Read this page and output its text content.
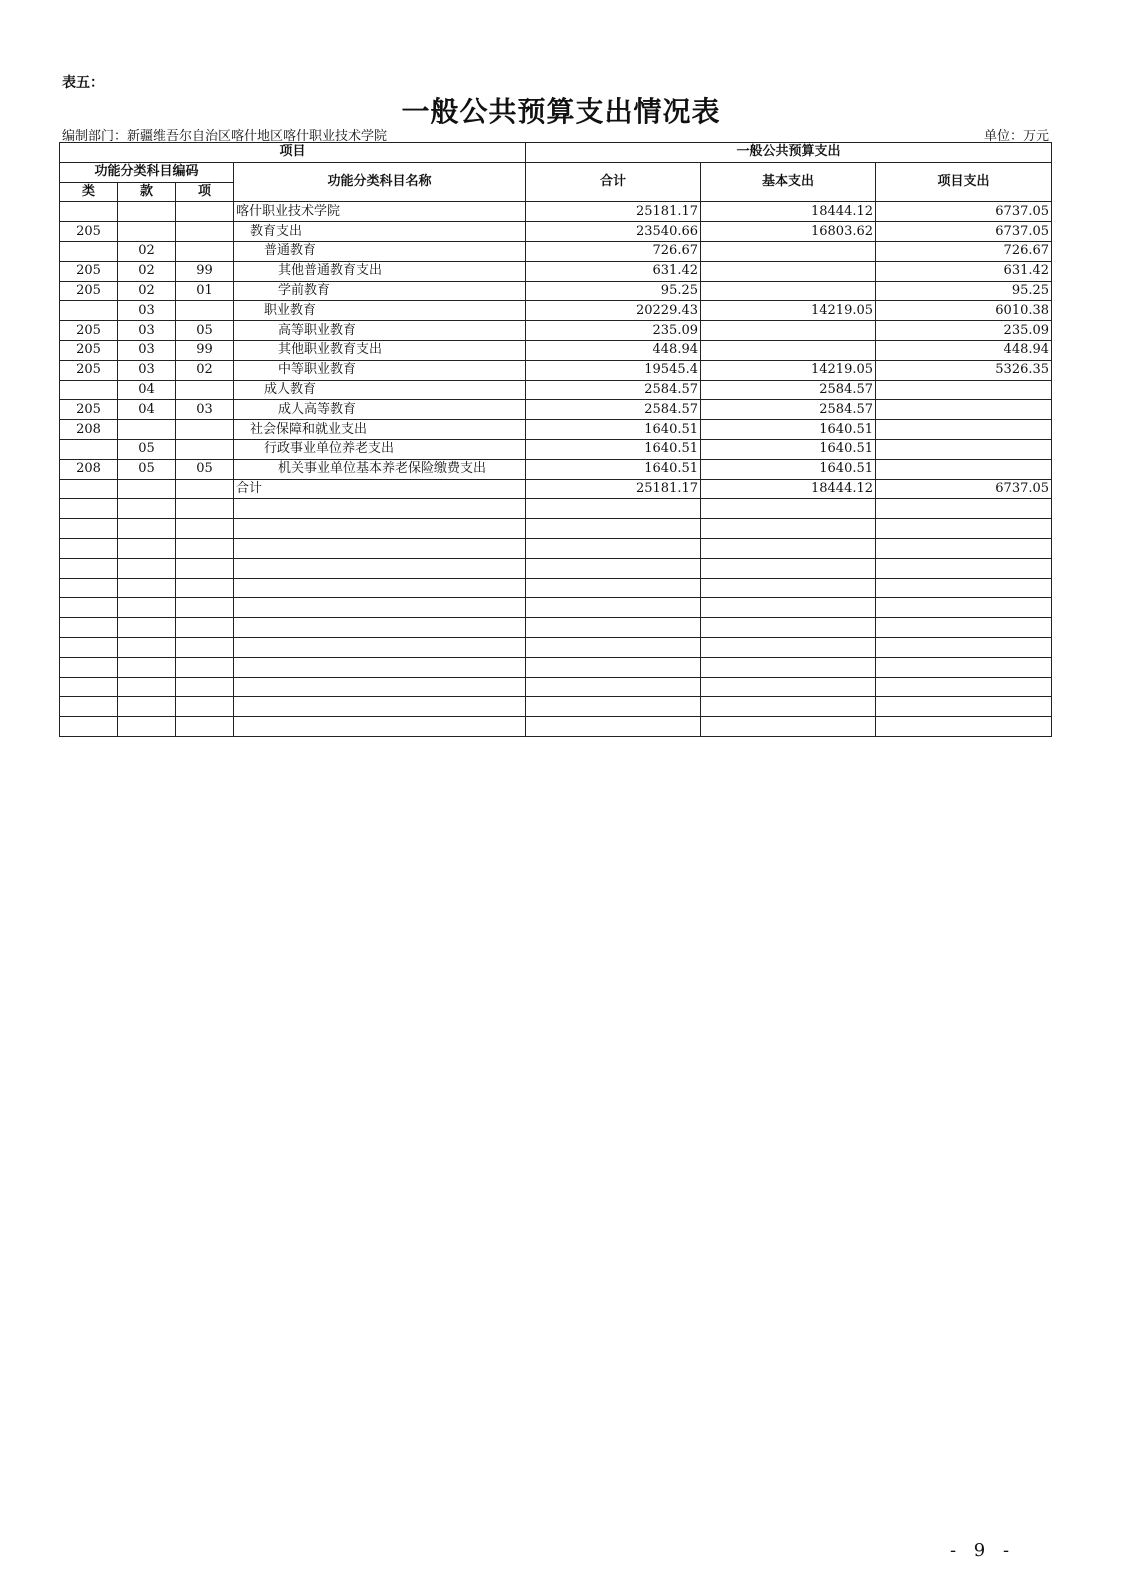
表五：
一般公共预算支出情况表
编制部门：新疆维吾尔自治区喀什地区喀什职业技术学院	单位：万元
项目				一般公共预算支出		
功能分类科目编码			功能分类科目名称	合计	基本支出	项目支出
类	款	项				
			喀什职业技术学院	25181.17	18444.12	6737.05
205			教育支出	23540.66	16803.62	6737.05
	02		普通教育	726.67		726.67
205	02	99	其他普通教育支出	631.42		631.42
205	02	01	学前教育	95.25		95.25
	03		职业教育	20229.43	14219.05	6010.38
205	03	05	高等职业教育	235.09		235.09
205	03	99	其他职业教育支出	448.94		448.94
205	03	02	中等职业教育	19545.4	14219.05	5326.35
	04		成人教育	2584.57	2584.57	
205	04	03	成人高等教育	2584.57	2584.57	
208			社会保障和就业支出	1640.51	1640.51	
	05		行政事业单位养老支出	1640.51	1640.51	
208	05	05	机关事业单位基本养老保险缴费支出	1640.51	1640.51	
			合计	25181.17	18444.12	6737.05

- 9 -
